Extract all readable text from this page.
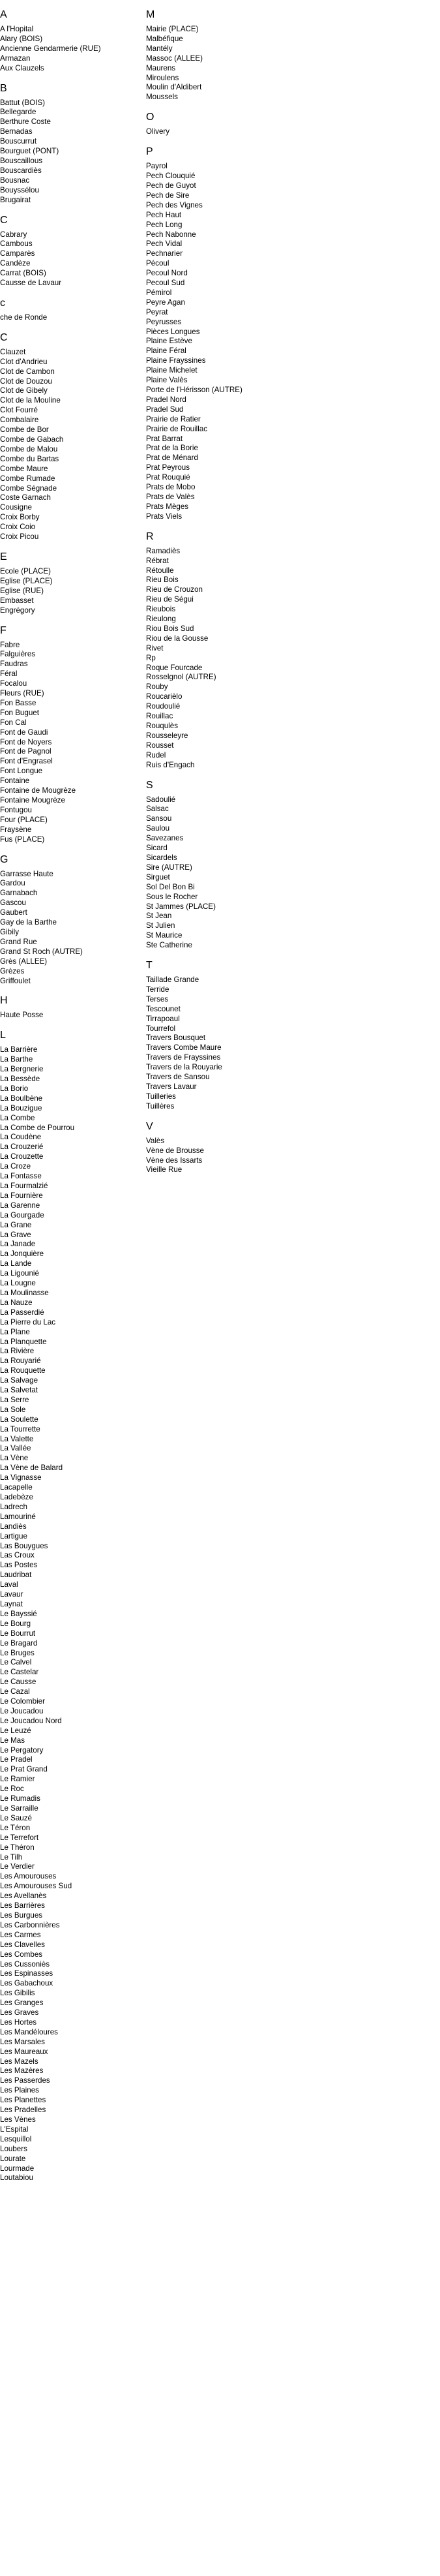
A
A l'Hopital
Alary (BOIS)
Ancienne Gendarmerie (RUE)
Armazan
Aux Clauzels
B
Battut (BOIS)
Bellegarde
Berthure Coste
Bernadas
Bouscurrut
Bourguet (PONT)
Bouscaillous
Bouscardiès
Bousnac
Bouyssélou
Brugairat
C
Cabrary
Cambous
Camparès
Candèze
Carrat (BOIS)
Causse de Lavaur
c
che de Ronde
C
Clauzet
Clot d'Andrieu
Clot de Cambon
Clot de Douzou
Clot de Gibely
Clot de la Mouline
Clot Fourré
Combalaire
Combe de Bor
Combe de Gabach
Combe de Malou
Combe du Bartas
Combe Maure
Combe Rumade
Combe Ségnade
Coste Garnach
Cousigne
Croix Borby
Croix Coio
Croix Picou
E
Ecole (PLACE)
Eglise (PLACE)
Eglise (RUE)
Embasset
Engrégory
F
Fabre
Falguières
Faudras
Féral
Focalou
Fleurs (RUE)
Fon Basse
Fon Buguet
Fon Cal
Font de Gaudi
Font de Noyers
Font de Pagnol
Font d'Engrasel
Font Longue
Fontaine
Fontaine de Mougrèze
Fontaine Mougrèze
Fontugou
Four (PLACE)
Fraysène
Fus (PLACE)
G
Garrasse Haute
Gardou
Garnabach
Gascou
Gaubert
Gay de la Barthe
Gibily
Grand Rue
Grand St Roch (AUTRE)
Grès (ALLEE)
Grèzes
Griffoulet
H
Haute Posse
L
La Barrière
La Barthe
La Bergnerie
La Bessède
La Borio
La Boulbène
La Bouzigue
La Combe
La Combe de Pourrou
La Coudène
La Crouzerié
La Crouzette
La Croze
La Fontasse
La Fourmalzié
La Fournière
La Garenne
La Gourgade
La Grane
La Grave
La Janade
La Jonquière
La Lande
La Ligounié
La Lougne
La Moulinasse
La Nauze
La Passerdié
La Pierre du Lac
La Plane
La Planquette
La Rivière
La Rouyarié
La Rouquette
La Salvage
La Salvetat
La Serre
La Sole
La Soulette
La Tourrette
La Valette
La Vallée
La Vène
La Vène de Balard
La Vignasse
Lacapelle
Ladebèze
Ladrech
Lamouriné
Landiès
Lartigue
Las Bouygues
Las Croux
Las Postes
Laudribat
Laval
Lavaur
Laynat
Le Bayssié
Le Bourg
Le Bourrut
Le Bragard
Le Bruges
Le Calvel
Le Castelar
Le Causse
Le Cazal
Le Colombier
Le Joucadou
Le Joucadou Nord
Le Leuzé
Le Mas
Le Pergatory
Le Pradel
Le Prat Grand
Le Ramier
Le Roc
Le Rumadis
Le Sarraille
Le Sauzé
Le Téron
Le Terrefort
Le Théron
Le Tilh
Le Verdier
Les Amourouses
Les Amourouses Sud
Les Avellanès
Les Barrières
Les Burgues
Les Carbonnières
Les Carmes
Les Clavelles
Les Combes
Les Cussoniès
Les Espinasses
Les Gabachoux
Les Gibilis
Les Granges
Les Graves
Les Hortes
Les Mandéloures
Les Marsales
Les Maureaux
Les Mazels
Les Mazères
Les Passerdes
Les Plaines
Les Planettes
Les Pradelles
Les Vènes
L'Espital
Lesquillol
Loubers
Lourate
Lourmade
Loutabiou
M
Mairie (PLACE)
Malbéfique
Mantély
Massoc (ALLEE)
Maurens
Miroulens
Moulin d'Aldibert
Moussels
O
Olivery
P
Payrol
Pech Clouquié
Pech de Guyot
Pech de Sire
Pech des Vignes
Pech Haut
Pech Long
Pech Nabonne
Pech Vidal
Pechnarier
Pécoul
Pecoul Nord
Pecoul Sud
Pémirol
Peyre Agan
Peyrat
Peyrusses
Pièces Longues
Plaine Estève
Plaine Féral
Plaine Frayssines
Plaine Michelet
Plaine Valès
Porte de l'Hérisson (AUTRE)
Pradel Nord
Pradel Sud
Prairie de Ratier
Prairie de Rouillac
Prat Barrat
Prat de la Borie
Prat de Ménard
Prat Peyrous
Prat Rouquié
Prats de Mobo
Prats de Valès
Prats Mèges
Prats Viels
R
Ramadiès
Rébrat
Rétoulle
Rieu Bois
Rieu de Crouzon
Rieu de Ségui
Rieubois
Rieulong
Riou Bois Sud
Riou de la Gousse
Rivet
Rp
Roque Fourcade
Rosselgnol (AUTRE)
Rouby
Roucarièlo
Roudoulié
Rouillac
Rouqulès
Rousseleyre
Rousset
Rudel
Ruis d'Engach
S
Sadoulié
Salsac
Sansou
Saulou
Savezanes
Sicard
Sicardels
Sire (AUTRE)
Sirguet
Sol Del Bon Bi
Sous le Rocher
St Jammes (PLACE)
St Jean
St Julien
St Maurice
Ste Catherine
T
Taillade Grande
Terride
Terses
Tescounet
Tirrapoaul
Tourrefol
Travers Bousquet
Travers Combe Maure
Travers de Frayssines
Travers de la Rouyarie
Travers de Sansou
Travers Lavaur
Tuilleries
Tuillères
V
Valès
Vène de Brousse
Vène des Issarts
Vieille Rue
